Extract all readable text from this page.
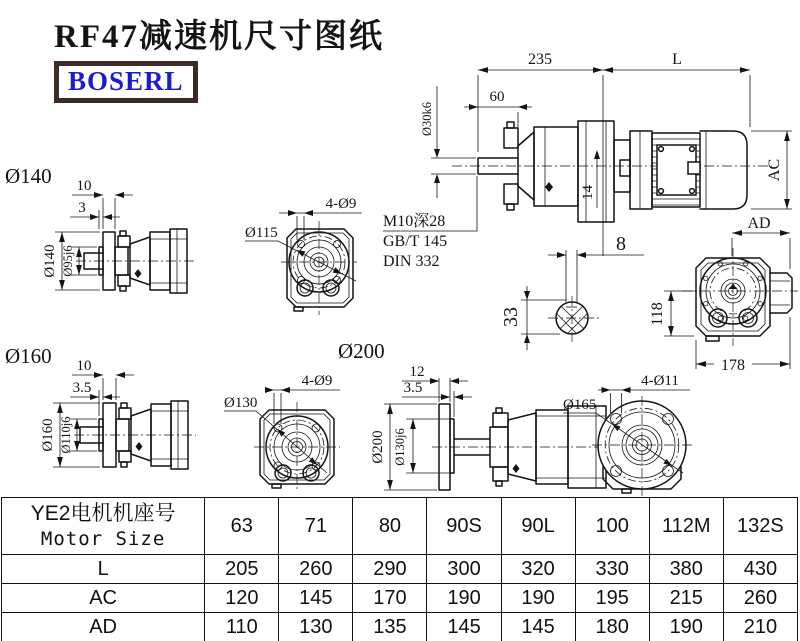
RF47减速机尺寸图纸
BOSERL
14
235	L
60
Ø30k6
AC
AD
M10深28
GB/T 145
DIN 332
8
33	118
178
Ø140 10
3
Ø140 Ø95j6
4-Ø9
Ø115
Ø160 10
3.5
Ø160 Ø110j6
4-Ø9
Ø130
Ø200
12
3.5
Ø200 Ø130j6
4-Ø11
Ø165
YE2电机机座号
Motor Size	63	71	80	90S	90L	100	112M	132S
L	205	260	290	300	320	330	380	430
AC	120	145	170	190	190	195	215	260
AD	110	130	135	145	145	180	190	210
